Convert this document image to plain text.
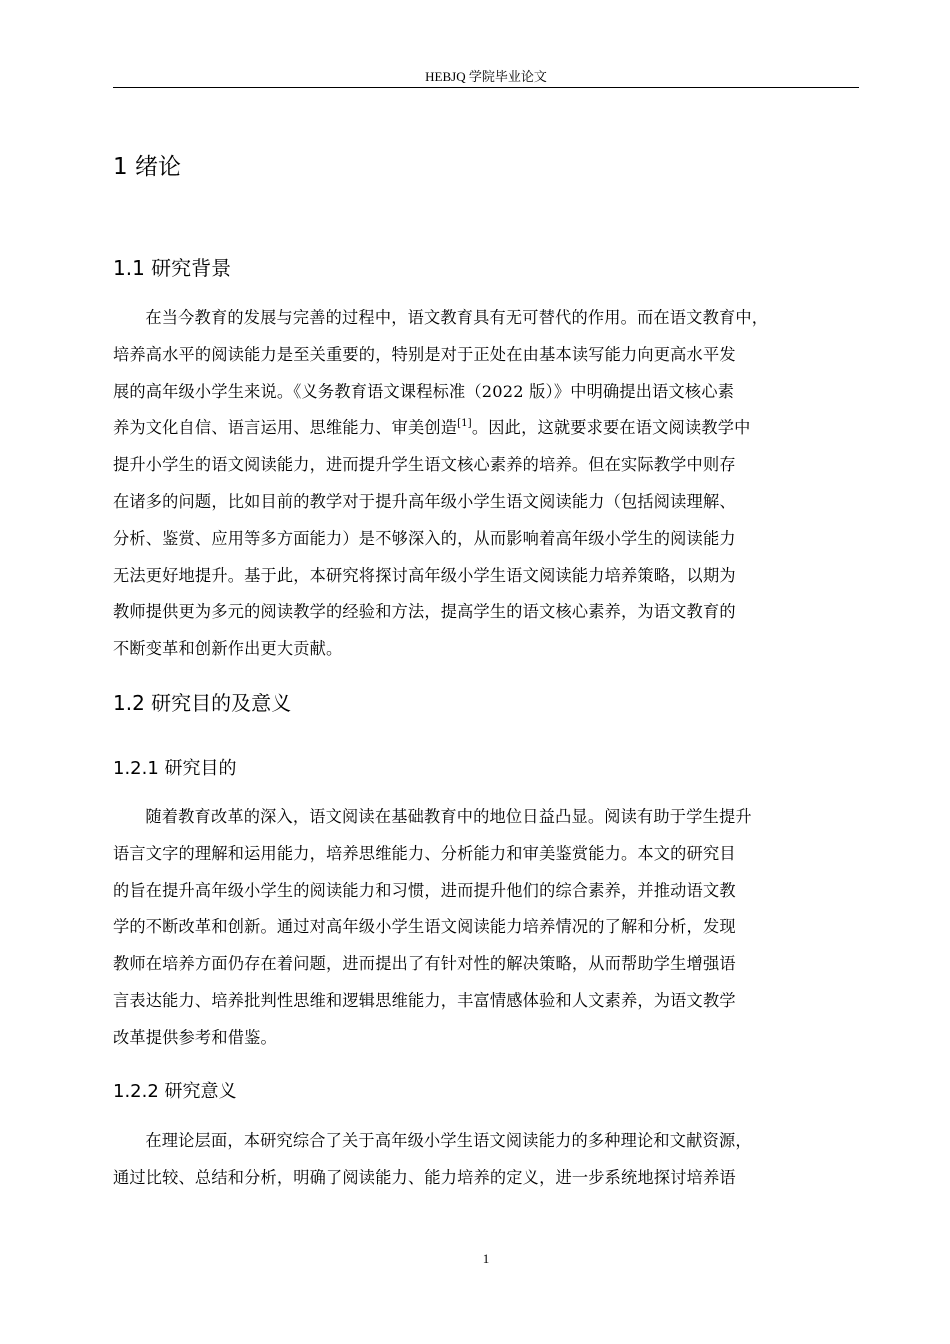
HEBJQ 学院毕业论文
1 绪论
1.1 研究背景
在当今教育的发展与完善的过程中，语文教育具有无可替代的作用。而在语文教育中，
培养高水平的阅读能力是至关重要的，特别是对于正处在由基本读写能力向更高水平发
展的高年级小学生来说。《义务教育语文课程标准（2022 版）》中明确提出语文核心素
养为文化自信、语言运用、思维能力、审美创造[1]。因此，这就要求要在语文阅读教学中
提升小学生的语文阅读能力，进而提升学生语文核心素养的培养。但在实际教学中则存
在诸多的问题，比如目前的教学对于提升高年级小学生语文阅读能力（包括阅读理解、
分析、鉴赏、应用等多方面能力）是不够深入的，从而影响着高年级小学生的阅读能力
无法更好地提升。基于此，本研究将探讨高年级小学生语文阅读能力培养策略，以期为
教师提供更为多元的阅读教学的经验和方法，提高学生的语文核心素养，为语文教育的
不断变革和创新作出更大贡献。
1.2 研究目的及意义
1.2.1 研究目的
随着教育改革的深入，语文阅读在基础教育中的地位日益凸显。阅读有助于学生提升
语言文字的理解和运用能力，培养思维能力、分析能力和审美鉴赏能力。本文的研究目
的旨在提升高年级小学生的阅读能力和习惯，进而提升他们的综合素养，并推动语文教
学的不断改革和创新。通过对高年级小学生语文阅读能力培养情况的了解和分析，发现
教师在培养方面仍存在着问题，进而提出了有针对性的解决策略，从而帮助学生增强语
言表达能力、培养批判性思维和逻辑思维能力，丰富情感体验和人文素养，为语文教学
改革提供参考和借鉴。
1.2.2 研究意义
在理论层面，本研究综合了关于高年级小学生语文阅读能力的多种理论和文献资源，
通过比较、总结和分析，明确了阅读能力、能力培养的定义，进一步系统地探讨培养语
1
